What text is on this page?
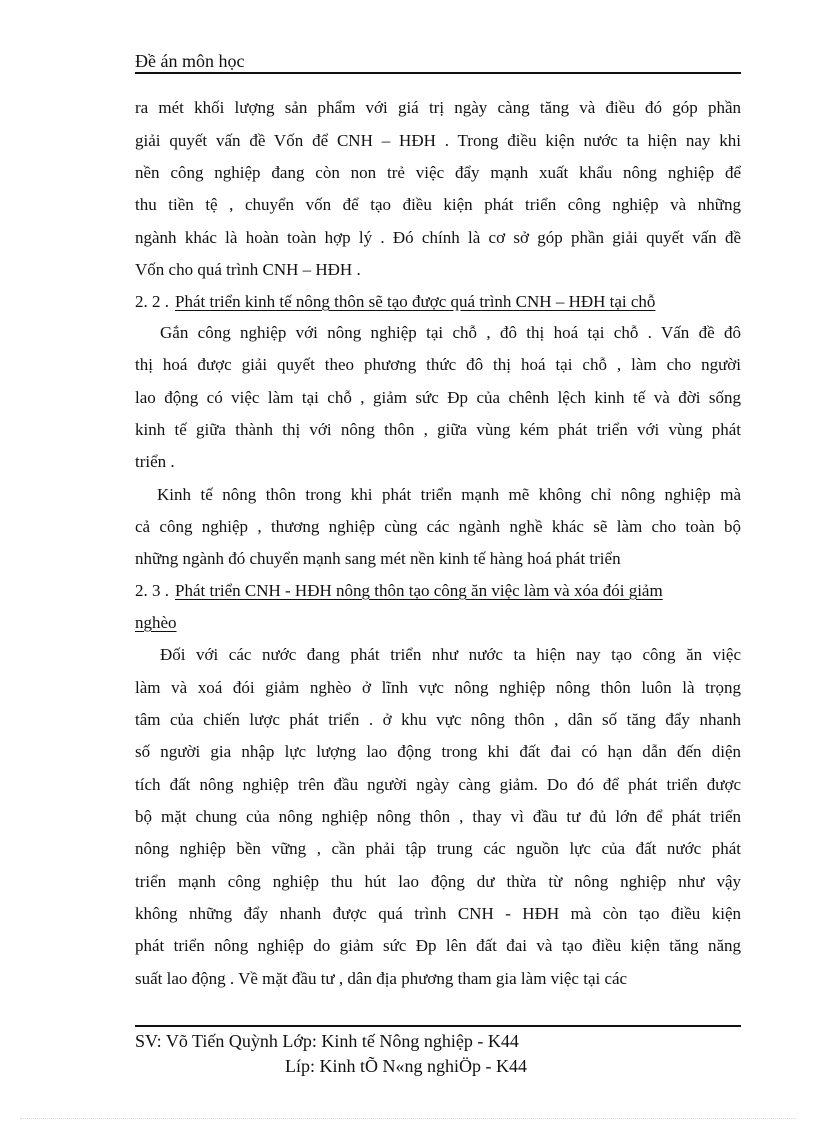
Đề án môn học
ra mét khối lượng sản phẩm với giá trị ngày càng tăng và điều đó góp phần
giải quyết vấn đề Vốn để CNH – HĐH . Trong điều kiện nước ta hiện nay khi
nền công nghiệp đang còn non trẻ việc đẩy mạnh xuất khẩu nông nghiệp để
thu tiền tệ , chuyển vốn để tạo điều kiện phát triển công nghiệp và những
ngành khác là hoàn toàn hợp lý . Đó chính là cơ sở góp phần giải quyết vấn đề
Vốn cho quá trình CNH – HĐH .
2. 2 . Phát triển kinh tế nông thôn sẽ tạo được quá trình CNH – HĐH tại chỗ
Gắn công nghiệp với nông nghiệp tại chỗ , đô thị hoá tại chỗ . Vấn đề đô
thị hoá được giải quyết theo phương thức đô thị hoá tại chỗ , làm cho người
lao động có việc làm tại chỗ , giảm sức Ðp của chênh lệch kinh tế và đời sống
kinh tế giữa thành thị với nông thôn , giữa vùng kém phát triển với vùng phát
triển .
Kinh tế nông thôn trong khi phát triển mạnh mẽ không chỉ nông nghiệp mà
cả công nghiệp , thương nghiệp cùng các ngành nghề khác sẽ làm cho toàn bộ
những ngành đó chuyển mạnh sang mét nền kinh tế hàng hoá phát triển
2. 3 . Phát triển CNH - HĐH nông thôn tạo công ăn việc làm và xóa đói giảm
nghèo
Đối với các nước đang phát triển như nước ta hiện nay tạo công ăn việc
làm và xoá đói giảm nghèo ở lĩnh vực nông nghiệp nông thôn luôn là trọng
tâm của chiến lược phát triển . ở khu vực nông thôn , dân số tăng đẩy nhanh
số người gia nhập lực lượng lao động trong khi đất đai có hạn dẫn đến diện
tích đất nông nghiệp trên đầu người ngày càng giảm. Do đó để phát triển được
bộ mặt chung của nông nghiệp nông thôn , thay vì đầu tư đủ lớn để phát triển
nông nghiệp bền vững , cần phải tập trung các nguồn lực của đất nước phát
triển mạnh công nghiệp thu hút lao động dư thừa từ nông nghiệp như vậy
không những đẩy nhanh được quá trình CNH - HĐH mà còn tạo điều kiện
phát triển nông nghiệp do giảm sức Ðp lên đất đai và tạo điều kiện tăng năng
suất lao động . Về mặt đầu tư , dân địa phương tham gia làm việc tại các
SV: Võ Tiến Quỳnh Lớp: Kinh tế Nông nghiệp - K44
Líp: Kinh tÕ N«ng nghiÖp - K44
